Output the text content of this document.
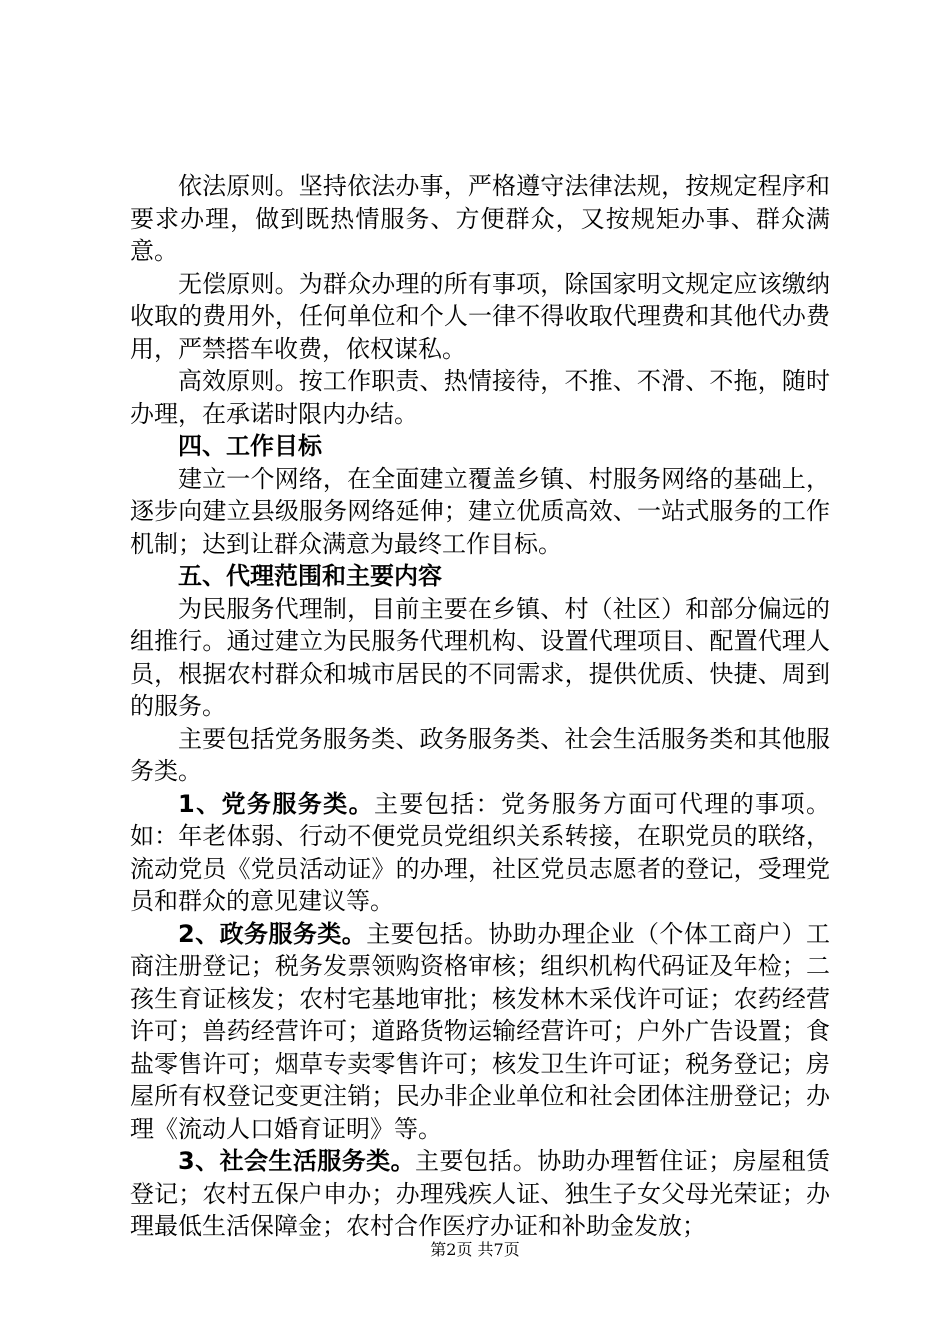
依法原则。坚持依法办事，严格遵守法律法规，按规定程序和要求办理，做到既热情服务、方便群众，又按规矩办事、群众满意。

无偿原则。为群众办理的所有事项，除国家明文规定应该缴纳收取的费用外，任何单位和个人一律不得收取代理费和其他代办费用，严禁搭车收费，依权谋私。

高效原则。按工作职责、热情接待，不推、不滑、不拖，随时办理，在承诺时限内办结。

四、工作目标

建立一个网络，在全面建立覆盖乡镇、村服务网络的基础上，逐步向建立县级服务网络延伸；建立优质高效、一站式服务的工作机制；达到让群众满意为最终工作目标。

五、代理范围和主要内容

为民服务代理制，目前主要在乡镇、村（社区）和部分偏远的组推行。通过建立为民服务代理机构、设置代理项目、配置代理人员，根据农村群众和城市居民的不同需求，提供优质、快捷、周到的服务。

主要包括党务服务类、政务服务类、社会生活服务类和其他服务类。

1、党务服务类。主要包括：党务服务方面可代理的事项。如：年老体弱、行动不便党员党组织关系转接，在职党员的联络，流动党员《党员活动证》的办理，社区党员志愿者的登记，受理党员和群众的意见建议等。

2、政务服务类。主要包括。协助办理企业（个体工商户）工商注册登记；税务发票领购资格审核；组织机构代码证及年检；二孩生育证核发；农村宅基地审批；核发林木采伐许可证；农药经营许可；兽药经营许可；道路货物运输经营许可；户外广告设置；食盐零售许可；烟草专卖零售许可；核发卫生许可证；税务登记；房屋所有权登记变更注销；民办非企业单位和社会团体注册登记；办理《流动人口婚育证明》等。

3、社会生活服务类。主要包括。协助办理暂住证；房屋租赁登记；农村五保户申办；办理残疾人证、独生子女父母光荣证；办理最低生活保障金；农村合作医疗办证和补助金发放；

第2页 共7页
